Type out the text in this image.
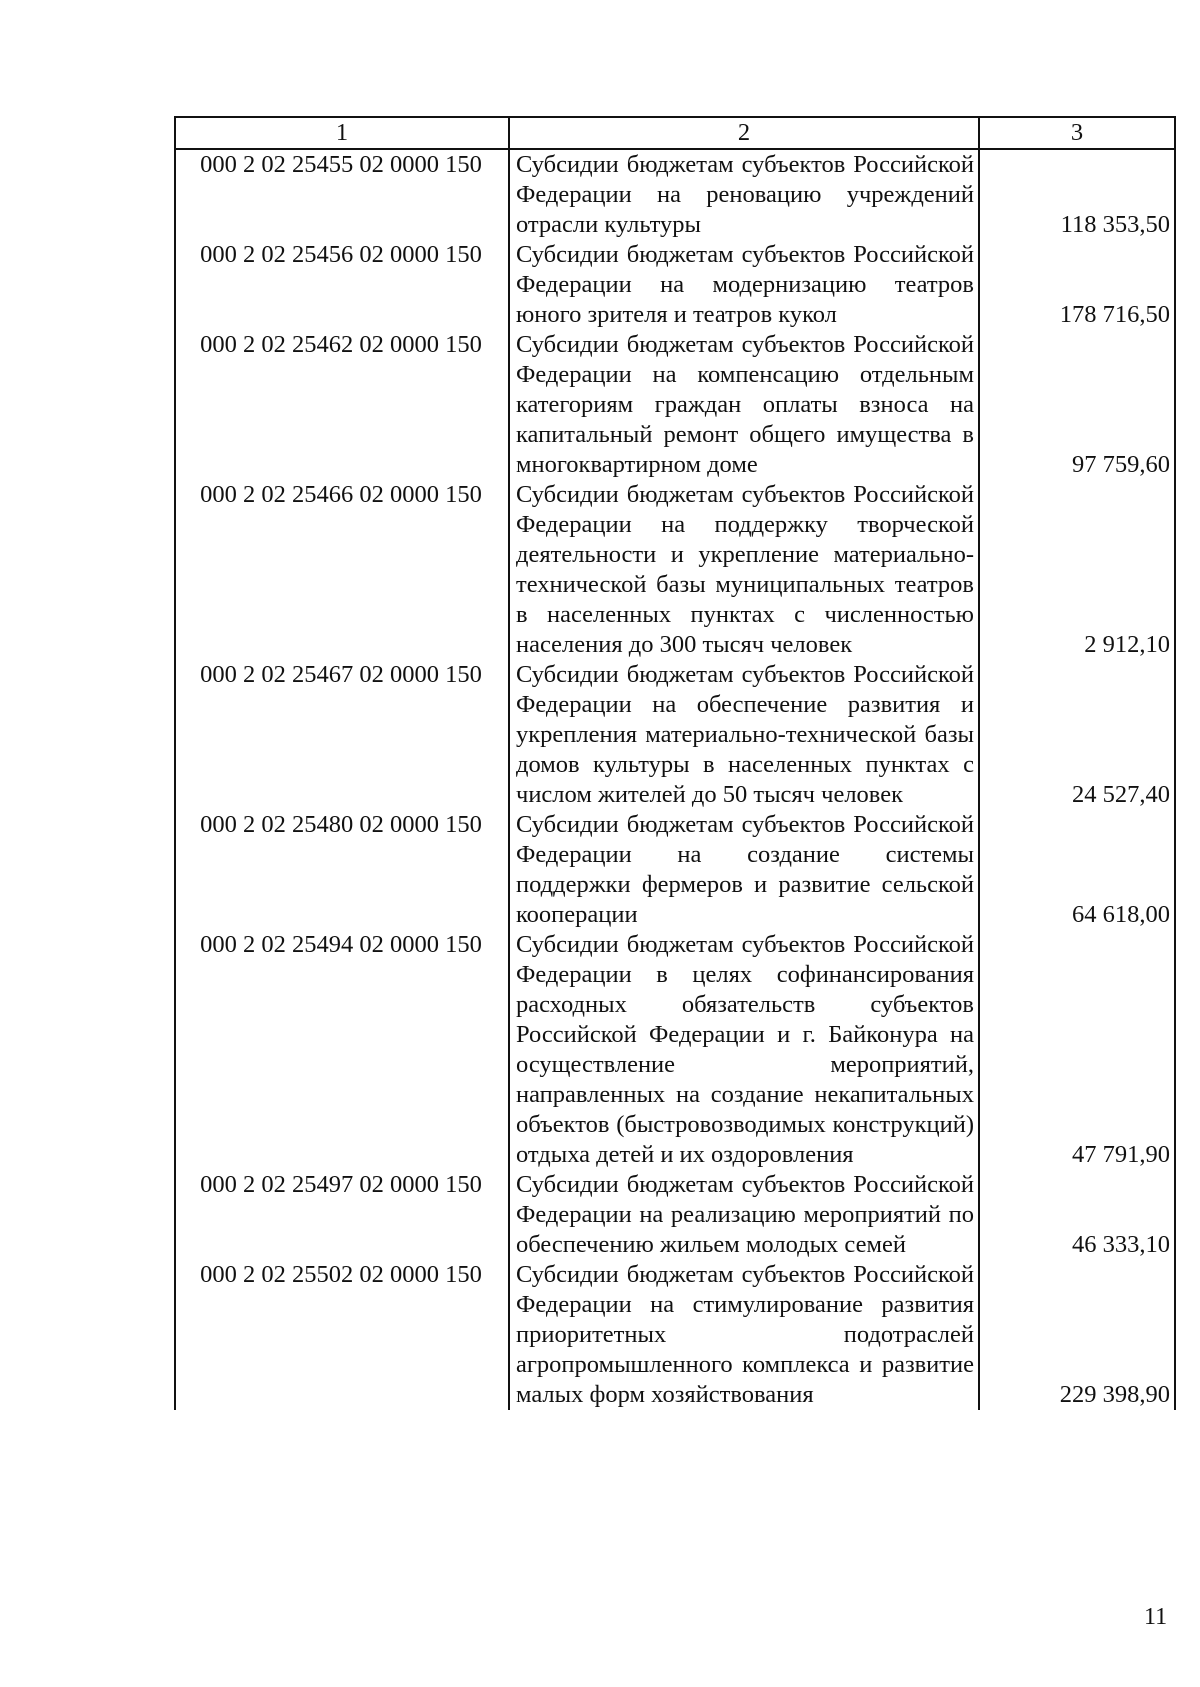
1	2	3
000 2 02 25455 02 0000 150	Субсидии бюджетам субъектов Российской Федерации на реновацию учреждений отрасли культуры	118 353,50
000 2 02 25456 02 0000 150	Субсидии бюджетам субъектов Российской Федерации на модернизацию театров юного зрителя и театров кукол	178 716,50
000 2 02 25462 02 0000 150	Субсидии бюджетам субъектов Российской Федерации на компенсацию отдельным категориям граждан оплаты взноса на капитальный ремонт общего имущества в многоквартирном доме	97 759,60
000 2 02 25466 02 0000 150	Субсидии бюджетам субъектов Российской Федерации на поддержку творческой деятельности и укрепление материально-технической базы муниципальных театров в населенных пунктах с численностью населения до 300 тысяч человек	2 912,10
000 2 02 25467 02 0000 150	Субсидии бюджетам субъектов Российской Федерации на обеспечение развития и укрепления материально-технической базы домов культуры в населенных пунктах с числом жителей до 50 тысяч человек	24 527,40
000 2 02 25480 02 0000 150	Субсидии бюджетам субъектов Российской Федерации на создание системы поддержки фермеров и развитие сельской кооперации	64 618,00
000 2 02 25494 02 0000 150	Субсидии бюджетам субъектов Российской Федерации в целях софинансирования расходных обязательств субъектов Российской Федерации и г. Байконура на осуществление мероприятий, направленных на создание некапитальных объектов (быстровозводимых конструкций) отдыха детей и их оздоровления	47 791,90
000 2 02 25497 02 0000 150	Субсидии бюджетам субъектов Российской Федерации на реализацию мероприятий по обеспечению жильем молодых семей	46 333,10
000 2 02 25502 02 0000 150	Субсидии бюджетам субъектов Российской Федерации на стимулирование развития приоритетных подотраслей агропромышленного комплекса и развитие малых форм хозяйствования	229 398,90
11
